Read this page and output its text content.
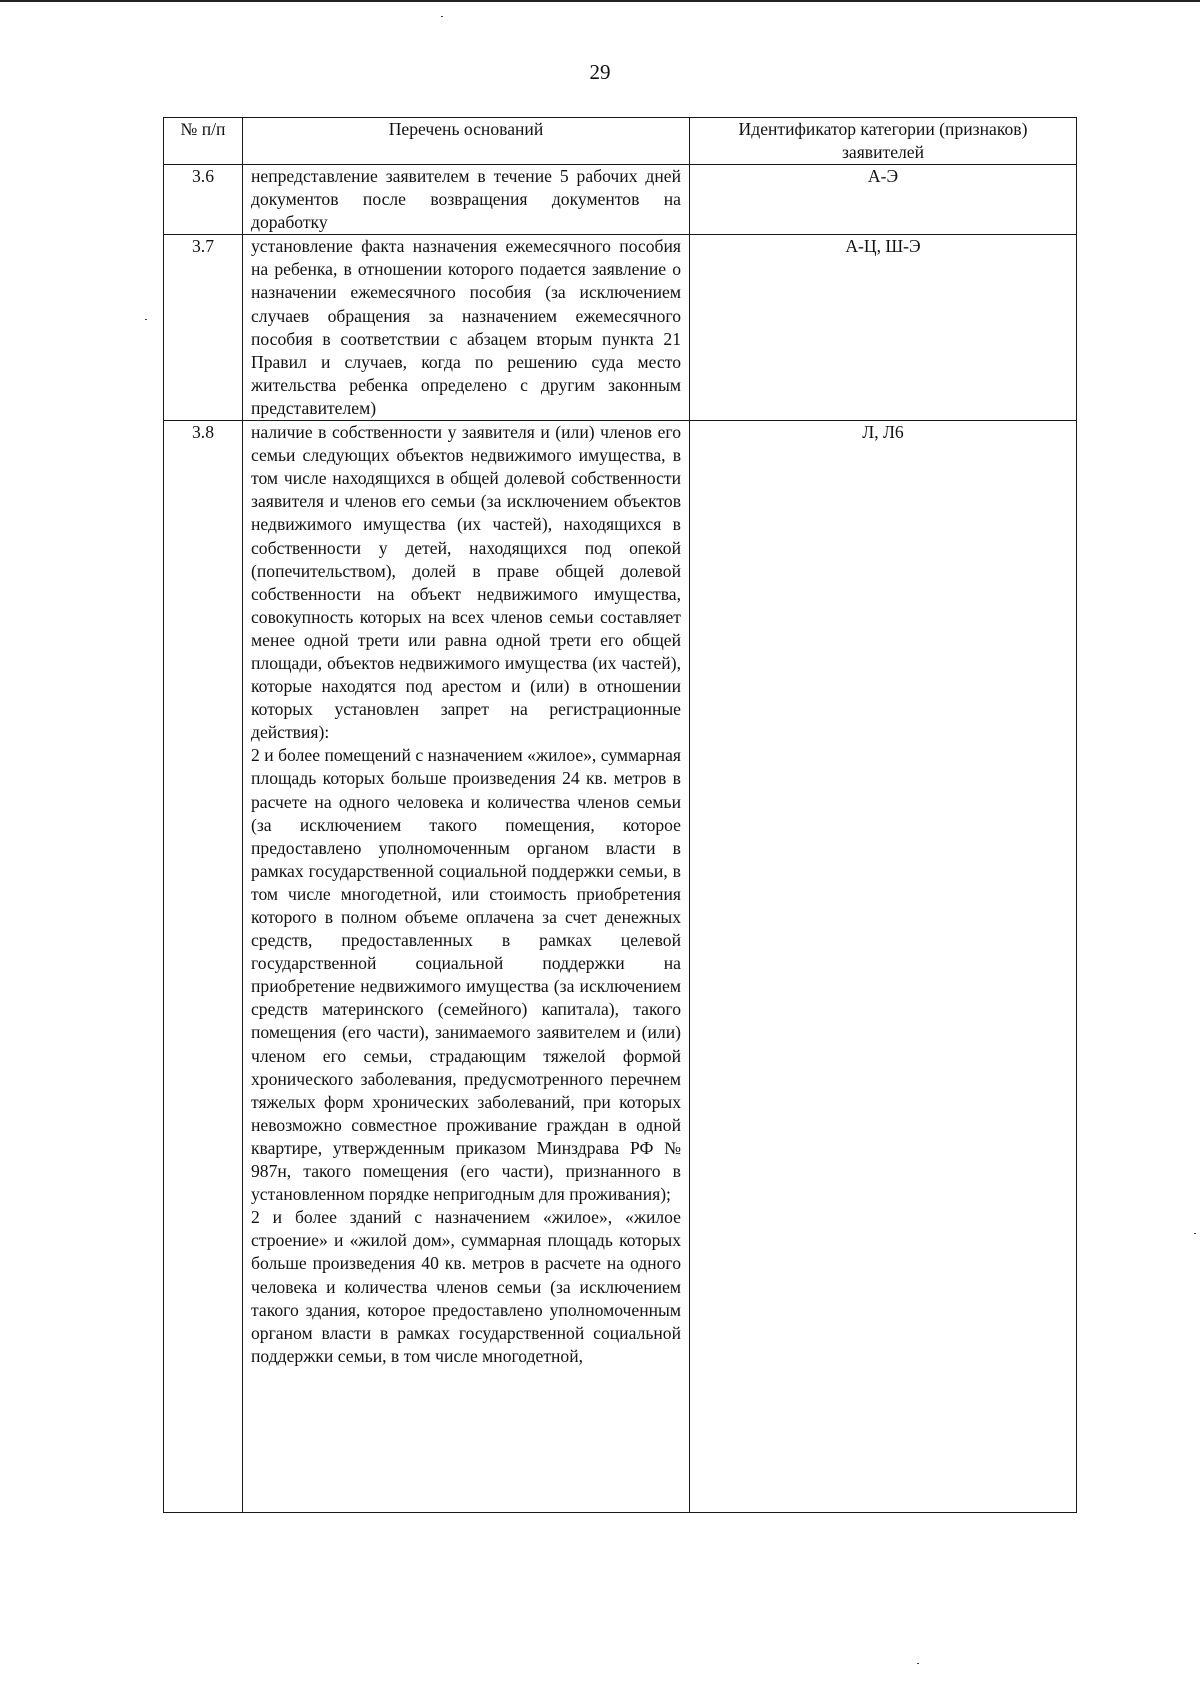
29
№ п/п	Перечень оснований	Идентификатор категории (признаков) заявителей
3.6	непредставление заявителем в течение 5 рабочих дней документов после возвращения документов на доработку	А-Э
3.7	установление факта назначения ежемесячного пособия на ребенка, в отношении которого подается заявление о назначении ежемесячного пособия (за исключением случаев обращения за назначением ежемесячного пособия в соответствии с абзацем вторым пункта 21 Правил и случаев, когда по решению суда место жительства ребенка определено с другим законным представителем)	А-Ц, Ш-Э
3.8	наличие в собственности у заявителя и (или) членов его семьи следующих объектов недвижимого имущества, в том числе находящихся в общей долевой собственности заявителя и членов его семьи (за исключением объектов недвижимого имущества (их частей), находящихся в собственности у детей, находящихся под опекой (попечительством), долей в праве общей долевой собственности на объект недвижимого имущества, совокупность которых на всех членов семьи составляет менее одной трети или равна одной трети его общей площади, объектов недвижимого имущества (их частей), которые находятся под арестом и (или) в отношении которых установлен запрет на регистрационные действия):

2 и более помещений с назначением «жилое», суммарная площадь которых больше произведения 24 кв. метров в расчете на одного человека и количества членов семьи (за исключением такого помещения, которое предоставлено уполномоченным органом власти в рамках государственной социальной поддержки семьи, в том числе многодетной, или стоимость приобретения которого в полном объеме оплачена за счет денежных средств, предоставленных в рамках целевой государственной социальной поддержки на приобретение недвижимого имущества (за исключением средств материнского (семейного) капитала), такого помещения (его части), занимаемого заявителем и (или) членом его семьи, страдающим тяжелой формой хронического заболевания, предусмотренного перечнем тяжелых форм хронических заболеваний, при которых невозможно совместное проживание граждан в одной квартире, утвержденным приказом Минздрава РФ № 987н, такого помещения (его части), признанного в установленном порядке непригодным для проживания);

2 и более зданий с назначением «жилое», «жилое строение» и «жилой дом», суммарная площадь которых больше произведения 40 кв. метров в расчете на одного человека и количества членов семьи (за исключением такого здания, которое предоставлено уполномоченным органом власти в рамках государственной социальной поддержки семьи, в том числе многодетной,	Л, Л6
